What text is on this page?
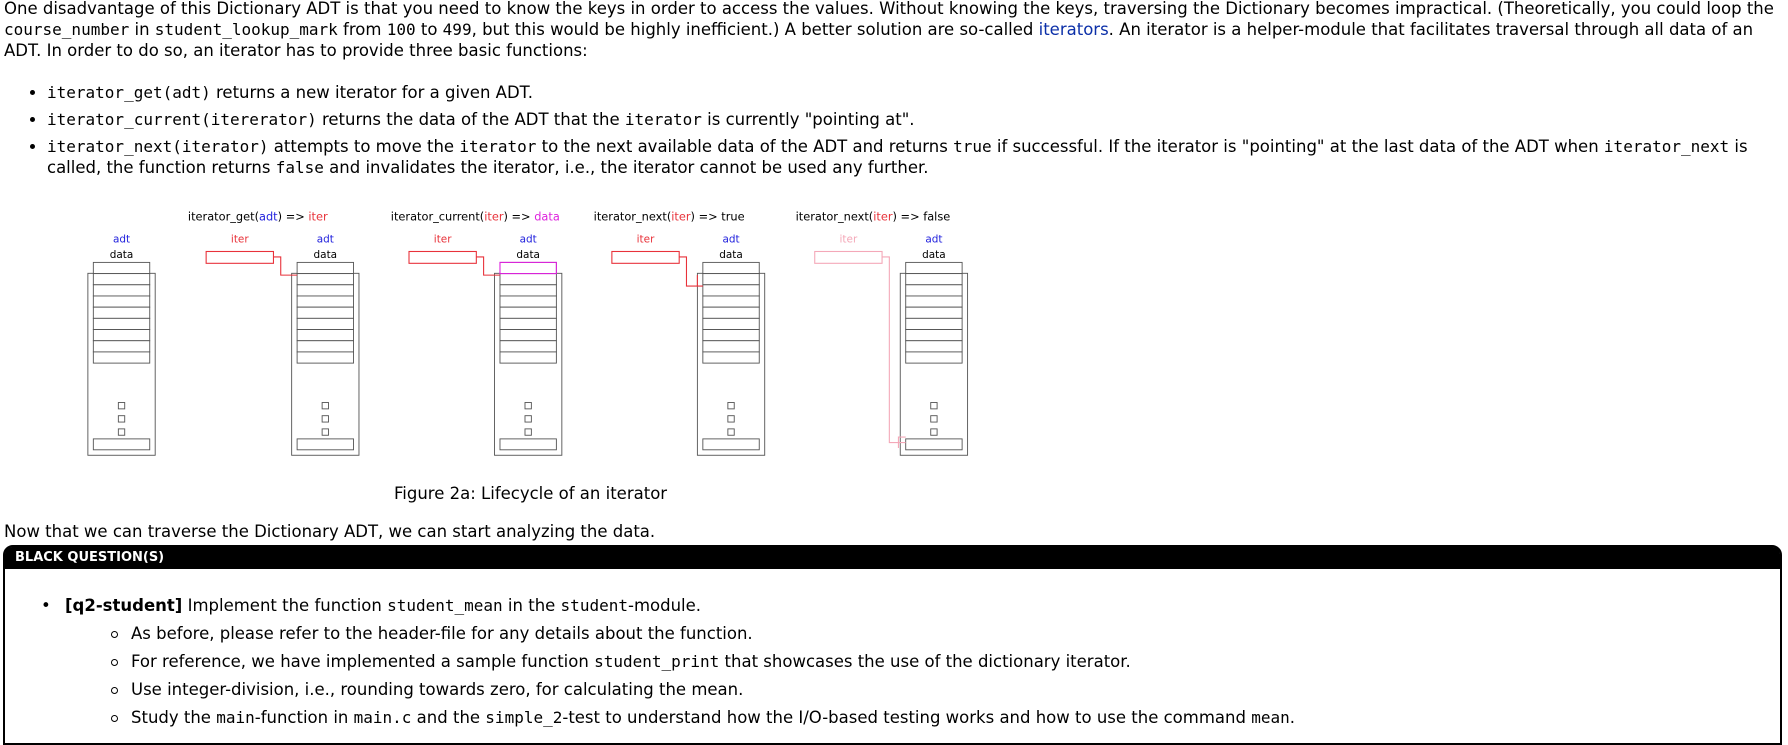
One disadvantage of this Dictionary ADT is that you need to know the keys in order to access the values. Without knowing the keys, traversing the Dictionary becomes impractical. (Theoretically, you could loop the course_number in student_lookup_mark from 100 to 499, but this would be highly inefficient.) A better solution are so-called iterators. An iterator is a helper-module that facilitates traversal through all data of an ADT. In order to do so, an iterator has to provide three basic functions:

• iterator_get(adt) returns a new iterator for a given ADT.
• iterator_current(itererator) returns the data of the ADT that the iterator is currently "pointing at".
• iterator_next(iterator) attempts to move the iterator to the next available data of the ADT and returns true if successful. If the iterator is "pointing" at the last data of the ADT when iterator_next is called, the function returns false and invalidates the iterator, i.e., the iterator cannot be used any further.
adt
data
adt
data
iter	adt
data
iter	adt
data
iter	adt
data
iter
iterator_get(adt) => iter	iterator_current(iter) => data	iterator_next(iter) => true	iterator_next(iter) => false
Figure 2a: Lifecycle of an iterator

Now that we can traverse the Dictionary ADT, we can start analyzing the data.

BLACK QUESTION(S)
• [q2-student] Implement the function student_mean in the student-module.
As before, please refer to the header-file for any details about the function.
For reference, we have implemented a sample function student_print that showcases the use of the dictionary iterator.
Use integer-division, i.e., rounding towards zero, for calculating the mean.
Study the main-function in main.c and the simple_2-test to understand how the I/O-based testing works and how to use the command mean.
